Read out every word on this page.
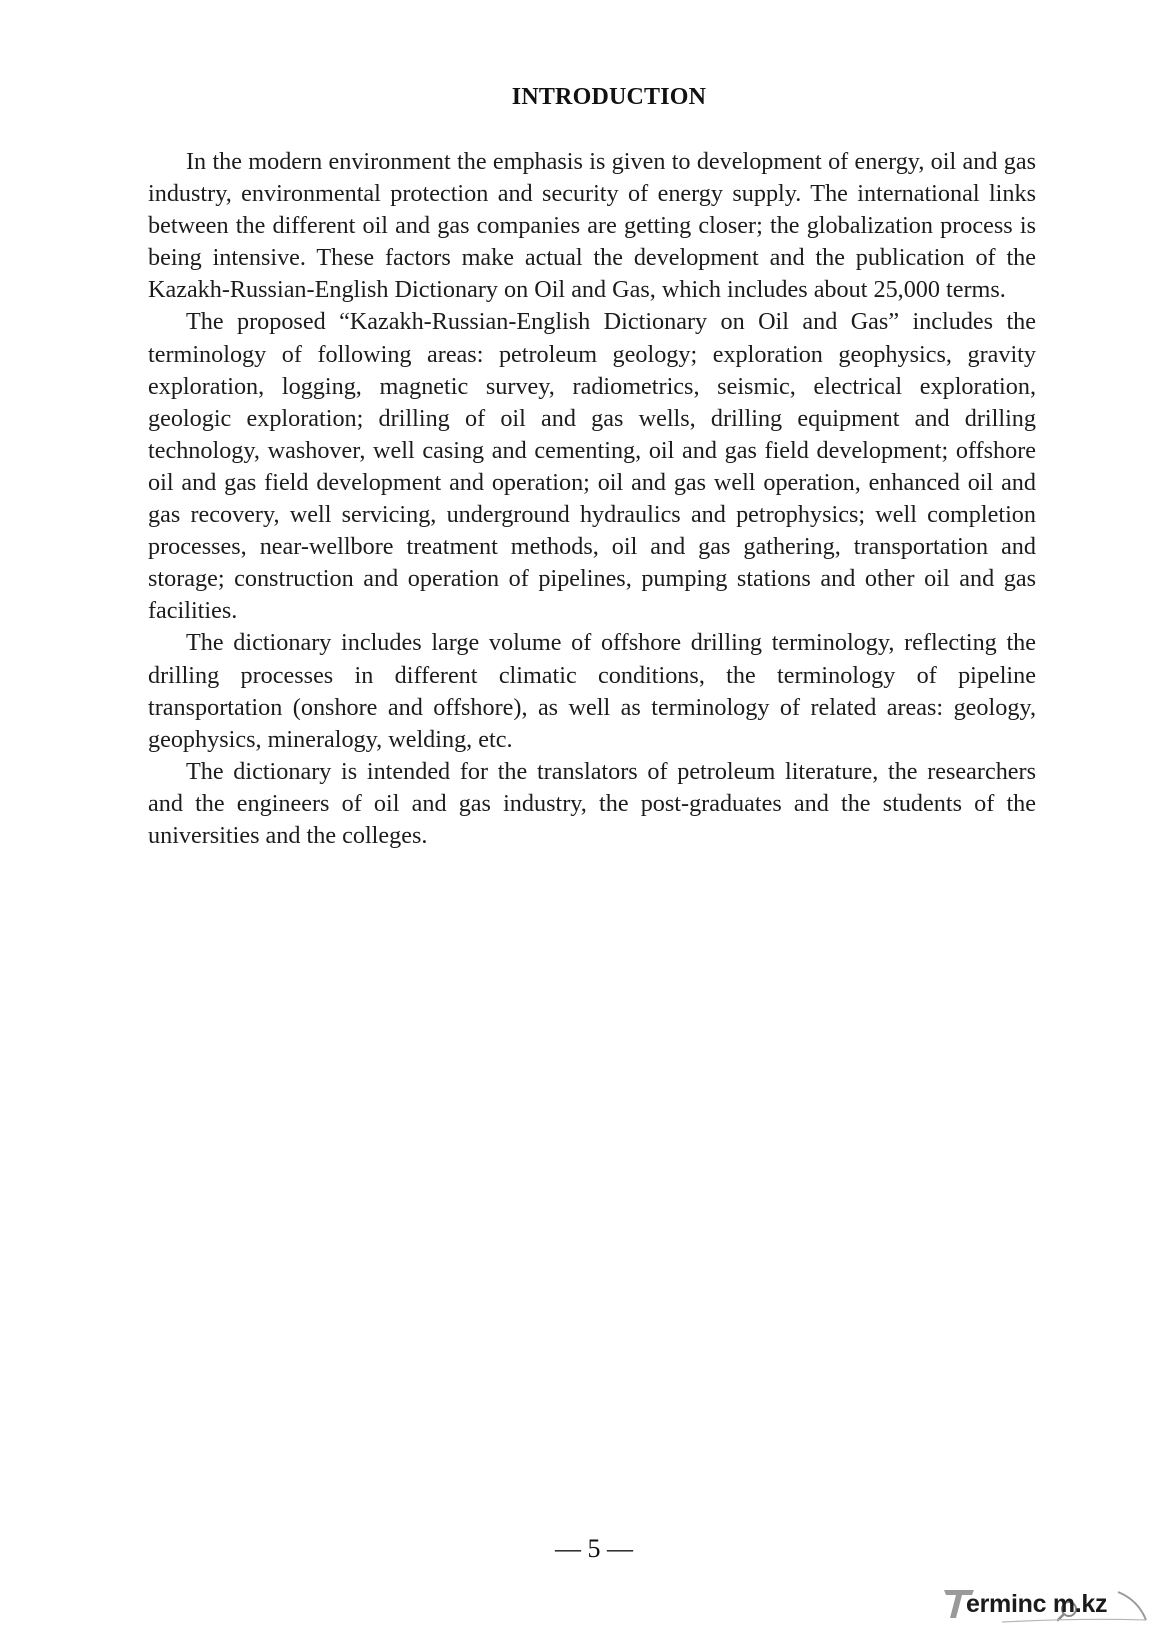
INTRODUCTION

In the modern environment the emphasis is given to development of energy, oil and gas industry, environmental protection and security of energy supply. The international links between the different oil and gas companies are getting closer; the globalization process is being intensive. These factors make actual the development and the publication of the Kazakh-Russian-English Dictionary on Oil and Gas, which includes about 25,000 terms.

The proposed “Kazakh-Russian-English Dictionary on Oil and Gas” includes the terminology of following areas: petroleum geology; exploration geophysics, gravity exploration, logging, magnetic survey, radiometrics, seismic, electrical exploration, geologic exploration; drilling of oil and gas wells, drilling equipment and drilling technology, washover, well casing and cementing, oil and gas field development; offshore oil and gas field development and operation; oil and gas well operation, enhanced oil and gas recovery, well servicing, underground hydraulics and petrophysics; well completion processes, near-wellbore treatment methods, oil and gas gathering, transportation and storage; construction and operation of pipelines, pumping stations and other oil and gas facilities.

The dictionary includes large volume of offshore drilling terminology, reflecting the drilling processes in different climatic conditions, the terminology of pipeline transportation (onshore and offshore), as well as terminology of related areas: geology, geophysics, mineralogy, welding, etc.

The dictionary is intended for the translators of petroleum literature, the researchers and the engineers of oil and gas industry, the post-graduates and the students of the universities and the colleges.

— 5 —
erminc m.kz
